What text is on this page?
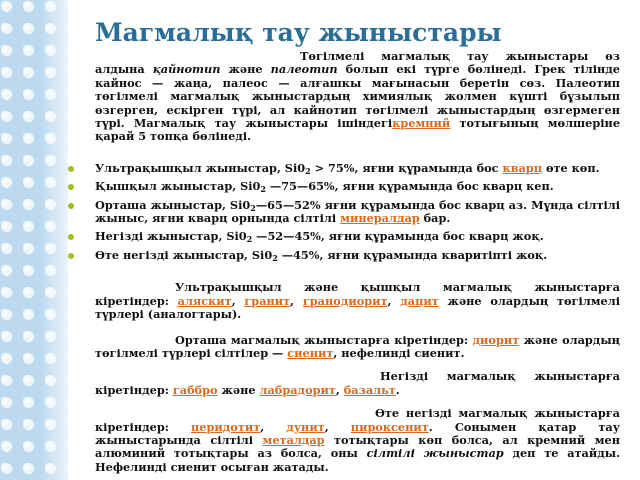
Магмалық тау жыныстары

Төгілмелі магмалық тау жыныстары өз алдына қайнотип және палеотип болып екі түрге бөлінеді. Грек тілінде кайнос — жаңа, палеос — алғашкы мағынасын беретін сөз. Палеотип төгілмелі магмалық жыныстардың химиялық жолмен күшті бұзылып өзгерген, ескірген түрі, ал кайнотип төгілмелі жыныстардың өзгермеген түрі. Магмалық тау жыныстары ішіндегікремний тотығының мөлшеріне қарай 5 топқа бөлінеді.

Ультрақышқыл жыныстар, $Si0_2 > 75\%$, яғни құрамында бос кварц өте көп.
Қышқыл жыныстар, $Si0_2$ —75—65%, яғни құрамында бос кварц кеп.
Орташа жыныстар, $Si0_2—65—52\%$ яғни құрамында бос кварц аз. Мұнда сілтілі жыныс, яғни кварц орнында сілтілі минералдар бар.
Негізді жыныстар, $Si0_2$ —52—45%, яғни құрамында бос кварц жоқ.
Өте негізді жыныстар, $Si0_2$ —45%, яғни құрамында кваритіпті жоқ.

Ультрақышқыл және қышқыл магмалық жыныстарға кіретіндер: аляскит, гранит, гранодиорит, дацит және олардың төгілмелі түрлері (аналогтары).

Орташа магмалық жыныстарға кіретіндер: диорит және олардың төгілмелі түрлері сілтілер — сиенит, нефелинді сиенит.

Негізді магмалық жыныстарға кіретіндер: габбро және лабрадорит, базальт.

Өте негізді магмалық жыныстарға кіретіндер: перидотит, дунит, пироксенит. Сонымен қатар тау жыныстарында сілтілі металдар тотықтары көп болса, ал кремний мен алюминий тотықтары аз болса, оны сілтілі жыныстар деп те атайды. Нефелинді сиенит осыған жатады.
